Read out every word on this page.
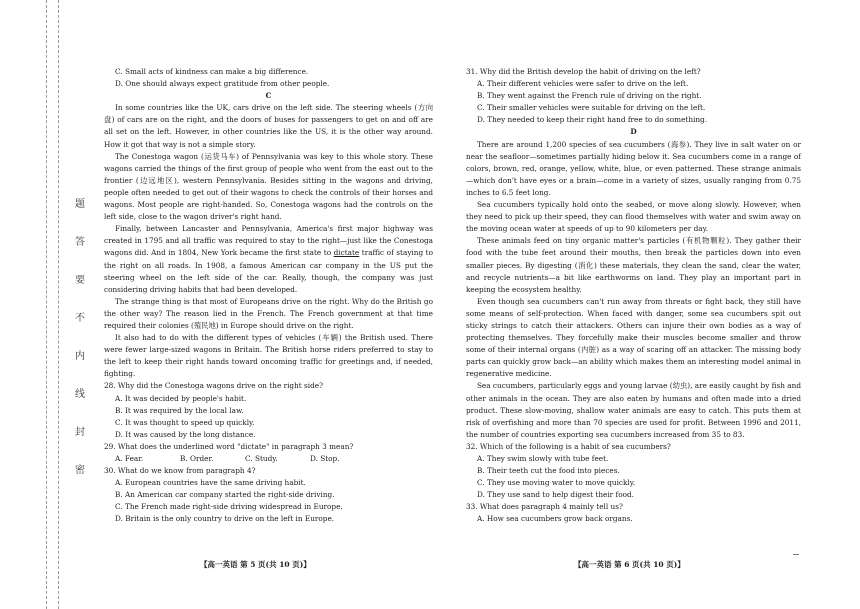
题
答
要
不
内
线
封
密

C. Small acts of kindness can make a big difference.

D. One should always expect gratitude from other people.

C

In some countries like the UK, cars drive on the left side. The steering wheels (方向盘) of cars are on the right, and the doors of buses for passengers to get on and off are all set on the left. However, in other countries like the US, it is the other way around. How it got that way is not a simple story.

The Conestoga wagon (运货马车) of Pennsylvania was key to this whole story. These wagons carried the things of the first group of people who went from the east out to the frontier (边远地区), western Pennsylvania. Besides sitting in the wagons and driving, people often needed to get out of their wagons to check the controls of their horses and wagons. Most people are right-handed. So, Conestoga wagons had the controls on the left side, close to the wagon driver's right hand.

Finally, between Lancaster and Pennsylvania, America's first major highway was created in 1795 and all traffic was required to stay to the right—just like the Conestoga wagons did. And in 1804, New York became the first state to dictate traffic of staying to the right on all roads. In 1908, a famous American car company in the US put the steering wheel on the left side of the car. Really, though, the company was just considering driving habits that had been developed.

The strange thing is that most of Europeans drive on the right. Why do the British go the other way? The reason lied in the French. The French government at that time required their colonies (殖民地) in Europe should drive on the right.

It also had to do with the different types of vehicles (车辆) the British used. There were fewer large-sized wagons in Britain. The British horse riders preferred to stay to the left to keep their right hands toward oncoming traffic for greetings and, if needed, fighting.

28. Why did the Conestoga wagons drive on the right side?

A. It was decided by people's habit.

B. It was required by the local law.

C. It was thought to speed up quickly.

D. It was caused by the long distance.

29. What does the underlined word "dictate" in paragraph 3 mean?

A. Fear.	B. Order.	C. Study.	D. Stop.

30. What do we know from paragraph 4?

A. European countries have the same driving habit.

B. An American car company started the right-side driving.

C. The French made right-side driving widespread in Europe.

D. Britain is the only country to drive on the left in Europe.

31. Why did the British develop the habit of driving on the left?

A. Their different vehicles were safer to drive on the left.

B. They went against the French rule of driving on the right.

C. Their smaller vehicles were suitable for driving on the left.

D. They needed to keep their right hand free to do something.

D

There are around 1,200 species of sea cucumbers (海参). They live in salt water on or near the seafloor—sometimes partially hiding below it. Sea cucumbers come in a range of colors, brown, red, orange, yellow, white, blue, or even patterned. These strange animals—which don't have eyes or a brain—come in a variety of sizes, usually ranging from 0.75 inches to 6.5 feet long.

Sea cucumbers typically hold onto the seabed, or move along slowly. However, when they need to pick up their speed, they can flood themselves with water and swim away on the moving ocean water at speeds of up to 90 kilometers per day.

These animals feed on tiny organic matter's particles (有机物颗粒). They gather their food with the tube feet around their mouths, then break the particles down into even smaller pieces. By digesting (消化) these materials, they clean the sand, clear the water, and recycle nutrients—a bit like earthworms on land. They play an important part in keeping the ecosystem healthy.

Even though sea cucumbers can't run away from threats or fight back, they still have some means of self-protection. When faced with danger, some sea cucumbers spit out sticky strings to catch their attackers. Others can injure their own bodies as a way of protecting themselves. They forcefully make their muscles become smaller and throw some of their internal organs (内脏) as a way of scaring off an attacker. The missing body parts can quickly grow back—an ability which makes them an interesting model animal in regenerative medicine.

Sea cucumbers, particularly eggs and young larvae (幼虫), are easily caught by fish and other animals in the ocean. They are also eaten by humans and often made into a dried product. These slow-moving, shallow water animals are easy to catch. This puts them at risk of overfishing and more than 70 species are used for profit. Between 1996 and 2011, the number of countries exporting sea cucumbers increased from 35 to 83.

32. Which of the following is a habit of sea cucumbers?

A. They swim slowly with tube feet.

B. Their teeth cut the food into pieces.

C. They use moving water to move quickly.

D. They use sand to help digest their food.

33. What does paragraph 4 mainly tell us?

A. How sea cucumbers grow back organs.

【高一英语 第 5 页(共 10 页)】	【高一英语 第 6 页(共 10 页)】
